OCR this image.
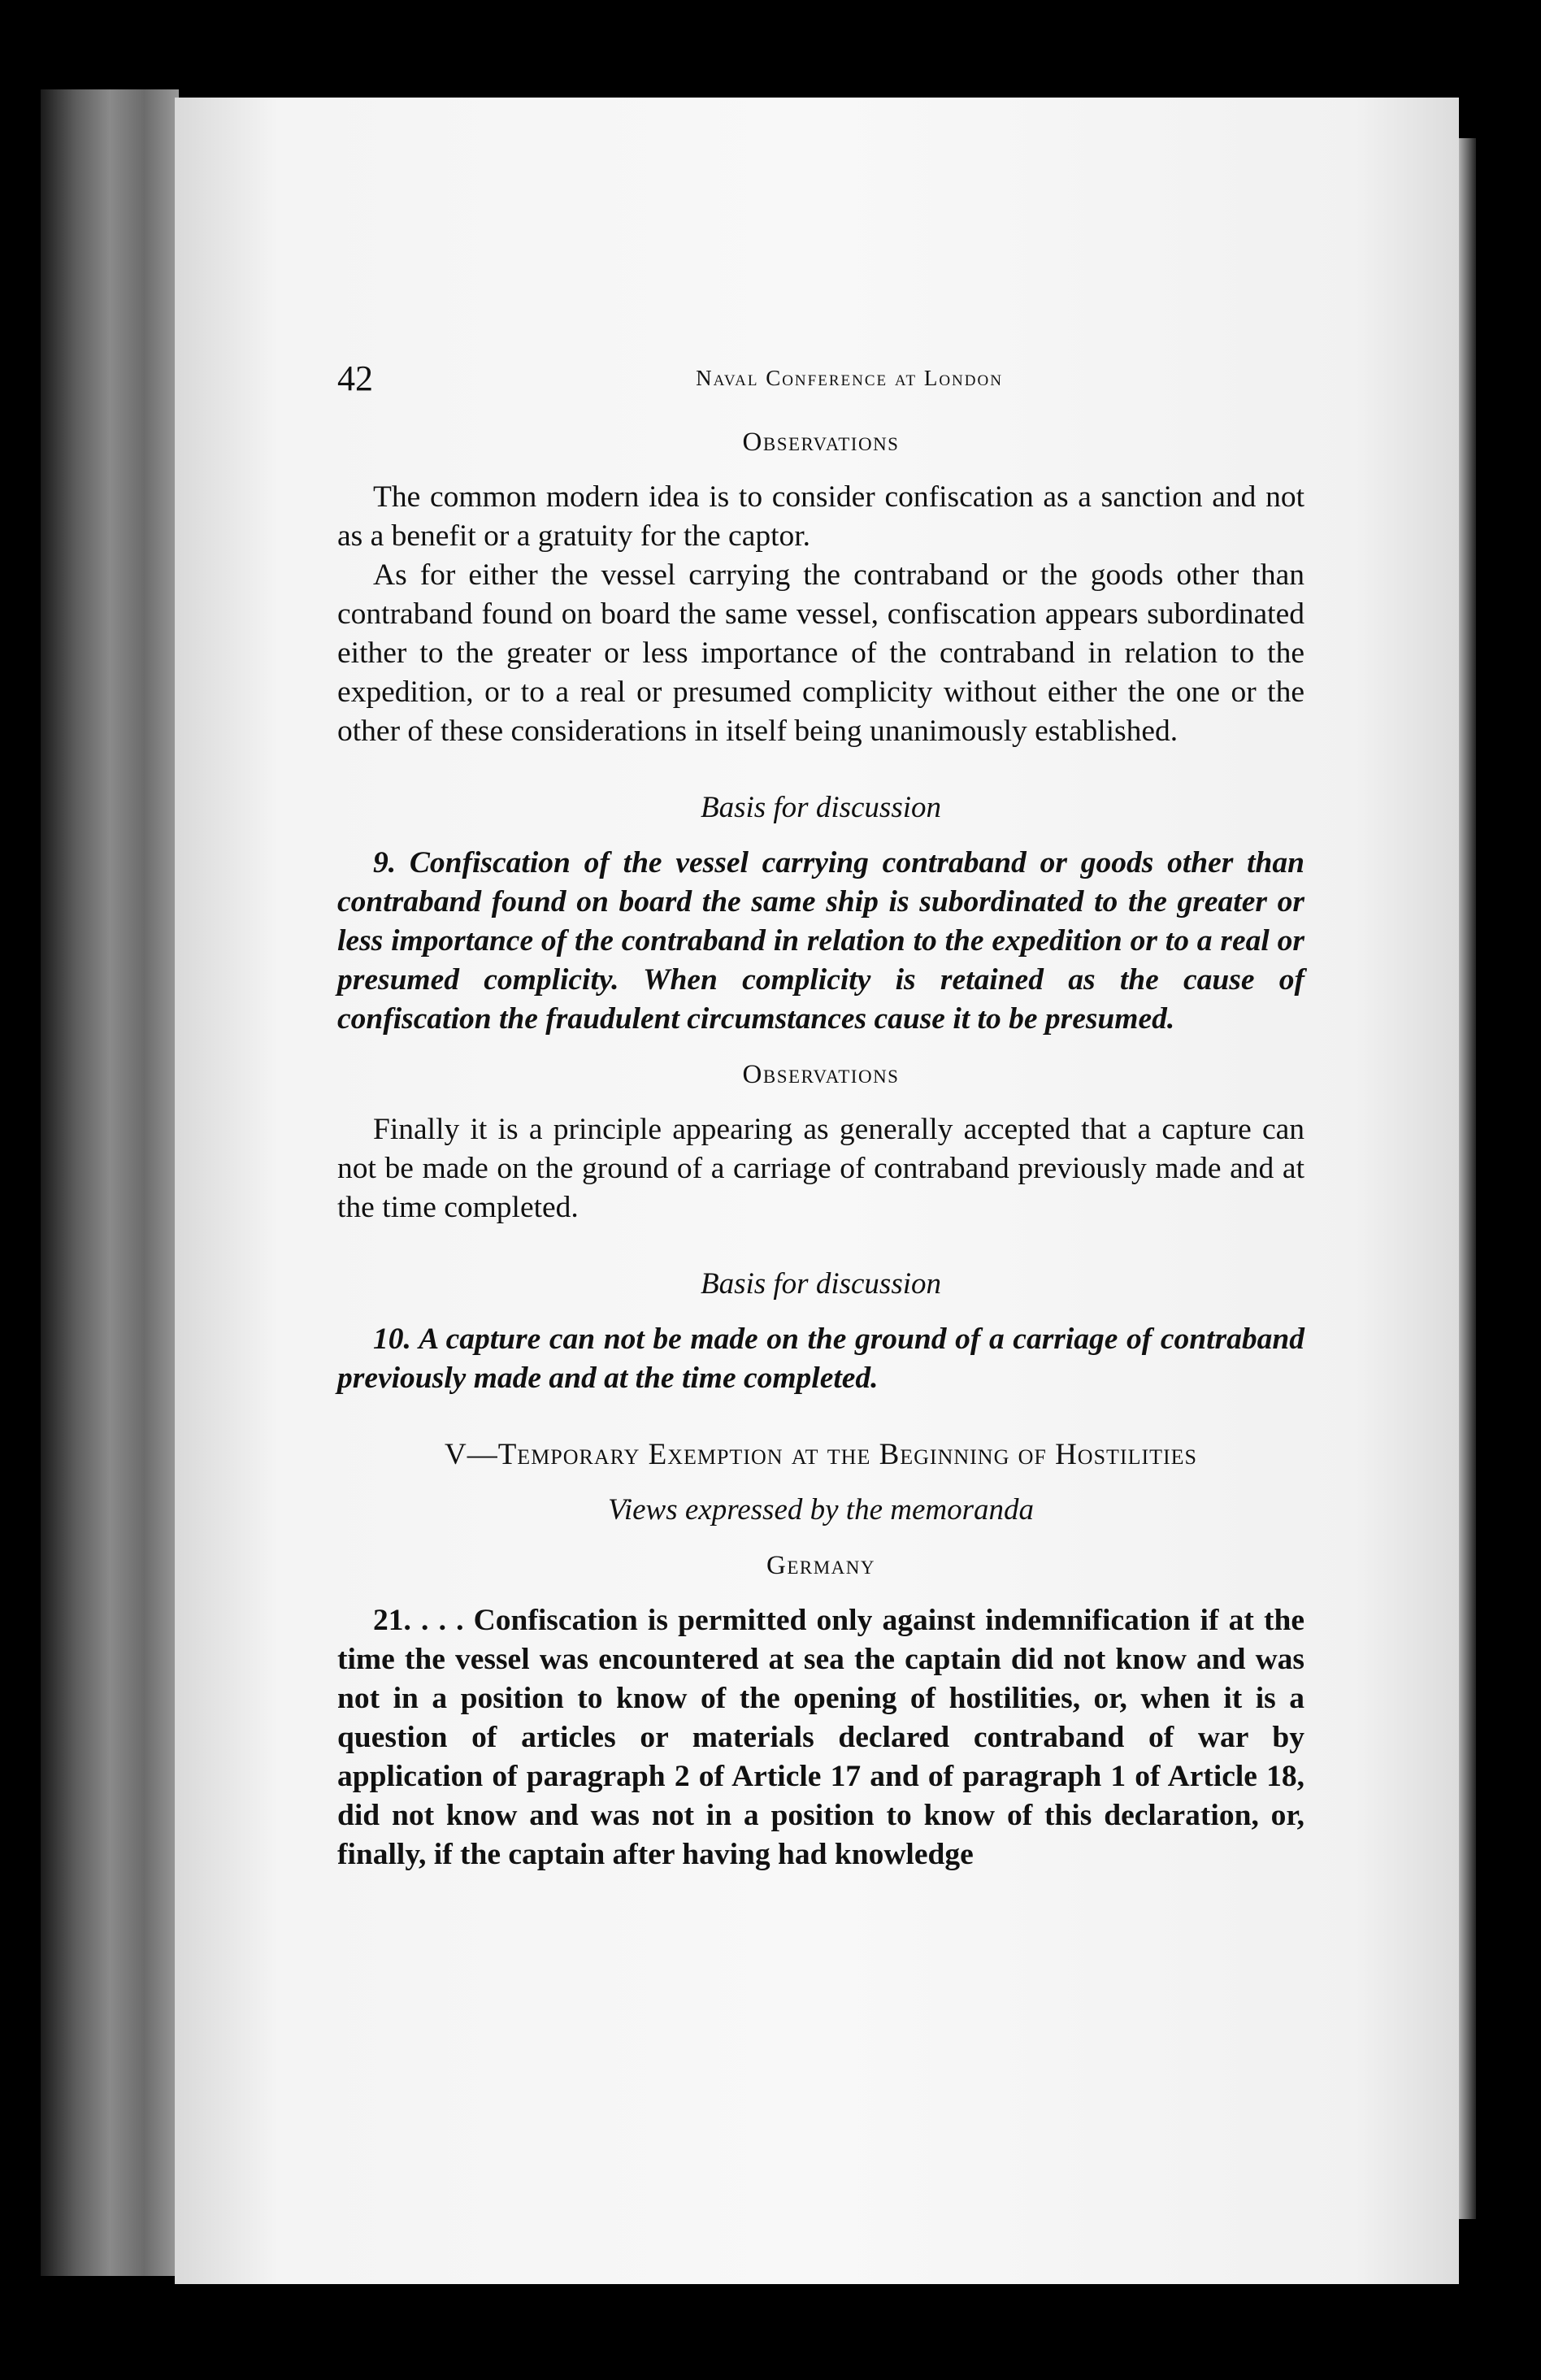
42	Naval Conference at London
Observations

The common modern idea is to consider confiscation as a sanction and not as a benefit or a gratuity for the captor.

As for either the vessel carrying the contraband or the goods other than contraband found on board the same vessel, confiscation appears subordinated either to the greater or less importance of the contraband in relation to the expedition, or to a real or presumed complicity without either the one or the other of these considerations in itself being unanimously established.

Basis for discussion

9. Confiscation of the vessel carrying contraband or goods other than contraband found on board the same ship is subordinated to the greater or less importance of the contraband in relation to the expedition or to a real or presumed complicity. When complicity is retained as the cause of confiscation the fraudulent circumstances cause it to be presumed.

Observations

Finally it is a principle appearing as generally accepted that a capture can not be made on the ground of a carriage of contraband previously made and at the time completed.

Basis for discussion

10. A capture can not be made on the ground of a carriage of contraband previously made and at the time completed.

V—Temporary Exemption at the Beginning of Hostilities
Views expressed by the memoranda
Germany

21. . . . Confiscation is permitted only against indemnification if at the time the vessel was encountered at sea the captain did not know and was not in a position to know of the opening of hostilities, or, when it is a question of articles or materials declared contraband of war by application of paragraph 2 of Article 17 and of paragraph 1 of Article 18, did not know and was not in a position to know of this declaration, or, finally, if the captain after having had knowledge
